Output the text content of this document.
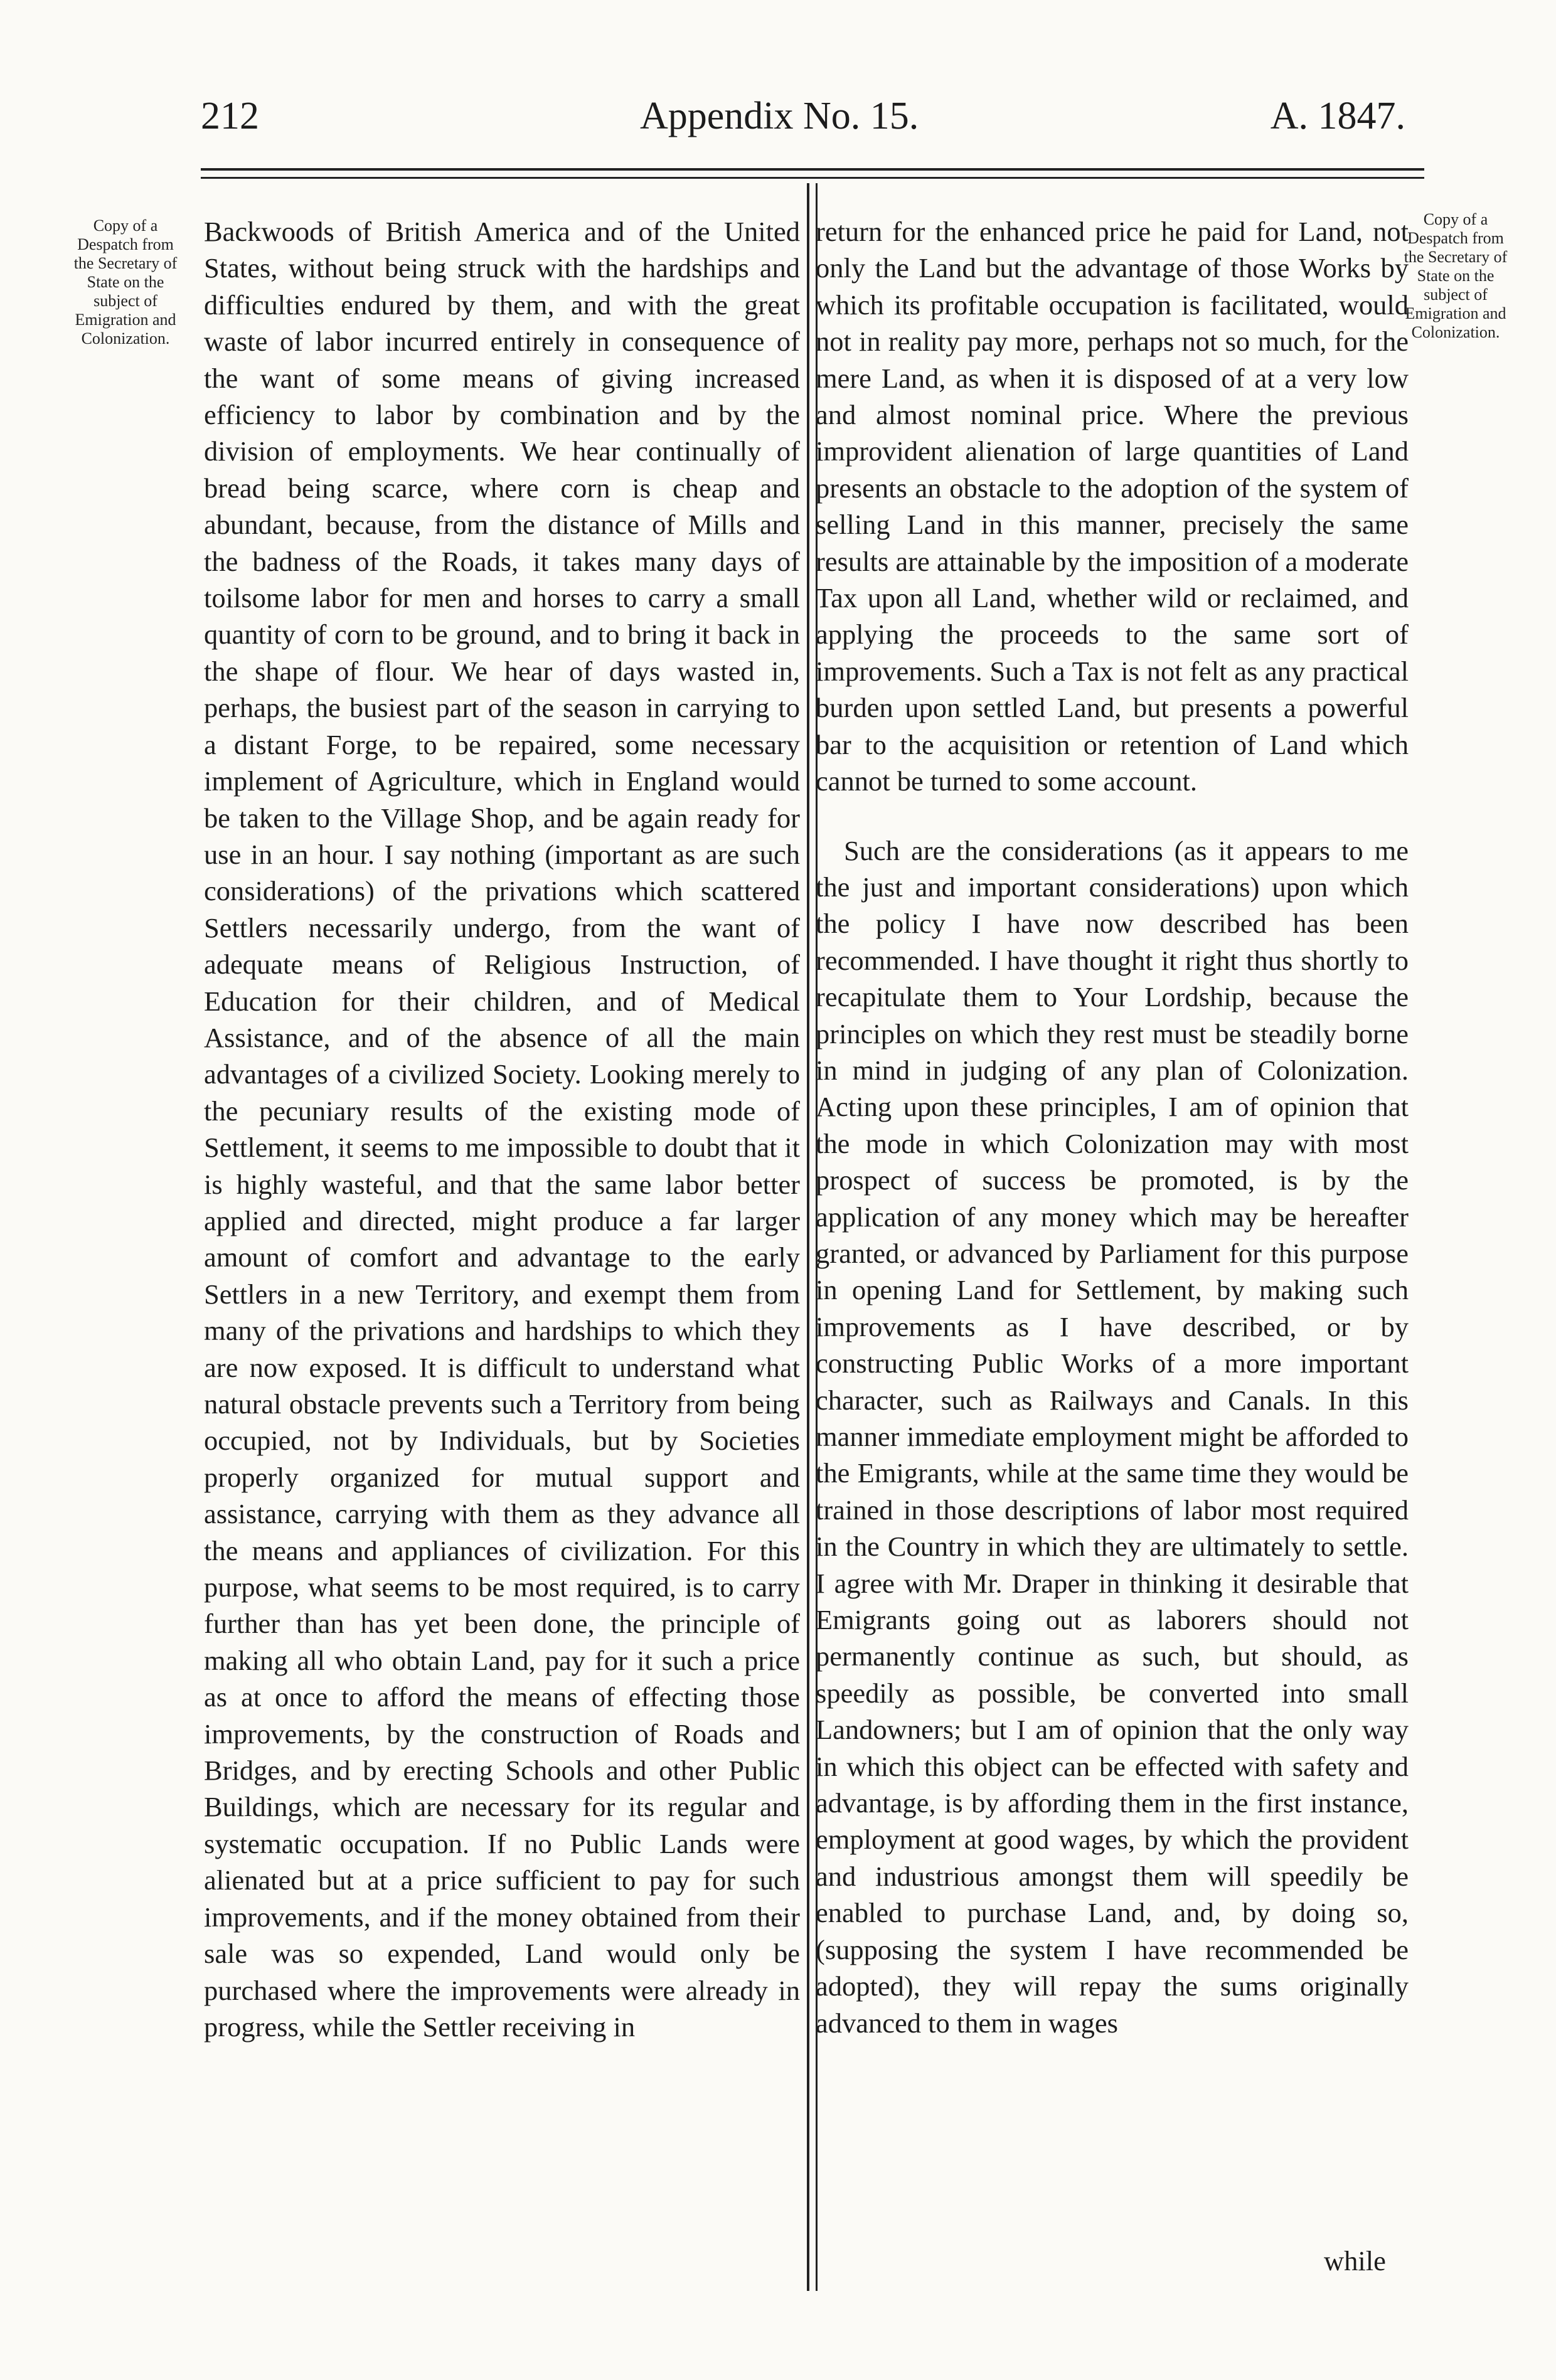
212	Appendix No. 15.	A. 1847.
Copy of a Despatch from the Secretary of State on the subject of Emigration and Colonization.
Copy of a Despatch from the Secretary of State on the subject of Emigration and Colonization.

Backwoods of British America and of the United States, without being struck with the hardships and difficulties endured by them, and with the great waste of labor incurred entirely in consequence of the want of some means of giving increased efficiency to labor by combination and by the division of employments. We hear continually of bread being scarce, where corn is cheap and abundant, because, from the distance of Mills and the badness of the Roads, it takes many days of toilsome labor for men and horses to carry a small quantity of corn to be ground, and to bring it back in the shape of flour. We hear of days wasted in, perhaps, the busiest part of the season in carrying to a distant Forge, to be repaired, some necessary implement of Agriculture, which in England would be taken to the Village Shop, and be again ready for use in an hour. I say nothing (important as are such considerations) of the privations which scattered Settlers necessarily undergo, from the want of adequate means of Religious Instruction, of Education for their children, and of Medical Assistance, and of the absence of all the main advantages of a civilized Society. Looking merely to the pecuniary results of the existing mode of Settlement, it seems to me impossible to doubt that it is highly wasteful, and that the same labor better applied and directed, might produce a far larger amount of comfort and advantage to the early Settlers in a new Territory, and exempt them from many of the privations and hardships to which they are now exposed. It is difficult to understand what natural obstacle prevents such a Territory from being occupied, not by Individuals, but by Societies properly organized for mutual support and assistance, carrying with them as they advance all the means and appliances of civilization. For this purpose, what seems to be most required, is to carry further than has yet been done, the principle of making all who obtain Land, pay for it such a price as at once to afford the means of effecting those improvements, by the construction of Roads and Bridges, and by erecting Schools and other Public Buildings, which are necessary for its regular and systematic occupation. If no Public Lands were alienated but at a price sufficient to pay for such improvements, and if the money obtained from their sale was so expended, Land would only be purchased where the improvements were already in progress, while the Settler receiving in

return for the enhanced price he paid for Land, not only the Land but the advantage of those Works by which its profitable occupation is facilitated, would not in reality pay more, perhaps not so much, for the mere Land, as when it is disposed of at a very low and almost nominal price. Where the previous improvident alienation of large quantities of Land presents an obstacle to the adoption of the system of selling Land in this manner, precisely the same results are attainable by the imposition of a moderate Tax upon all Land, whether wild or reclaimed, and applying the proceeds to the same sort of improvements. Such a Tax is not felt as any practical burden upon settled Land, but presents a powerful bar to the acquisition or retention of Land which cannot be turned to some account.

Such are the considerations (as it appears to me the just and important considerations) upon which the policy I have now described has been recommended. I have thought it right thus shortly to recapitulate them to Your Lordship, because the principles on which they rest must be steadily borne in mind in judging of any plan of Colonization. Acting upon these principles, I am of opinion that the mode in which Colonization may with most prospect of success be promoted, is by the application of any money which may be hereafter granted, or advanced by Parliament for this purpose in opening Land for Settlement, by making such improvements as I have described, or by constructing Public Works of a more important character, such as Railways and Canals. In this manner immediate employment might be afforded to the Emigrants, while at the same time they would be trained in those descriptions of labor most required in the Country in which they are ultimately to settle. I agree with Mr. Draper in thinking it desirable that Emigrants going out as laborers should not permanently continue as such, but should, as speedily as possible, be converted into small Landowners; but I am of opinion that the only way in which this object can be effected with safety and advantage, is by affording them in the first instance, employment at good wages, by which the provident and industrious amongst them will speedily be enabled to purchase Land, and, by doing so, (supposing the system I have recommended be adopted), they will repay the sums originally advanced to them in wages

while
